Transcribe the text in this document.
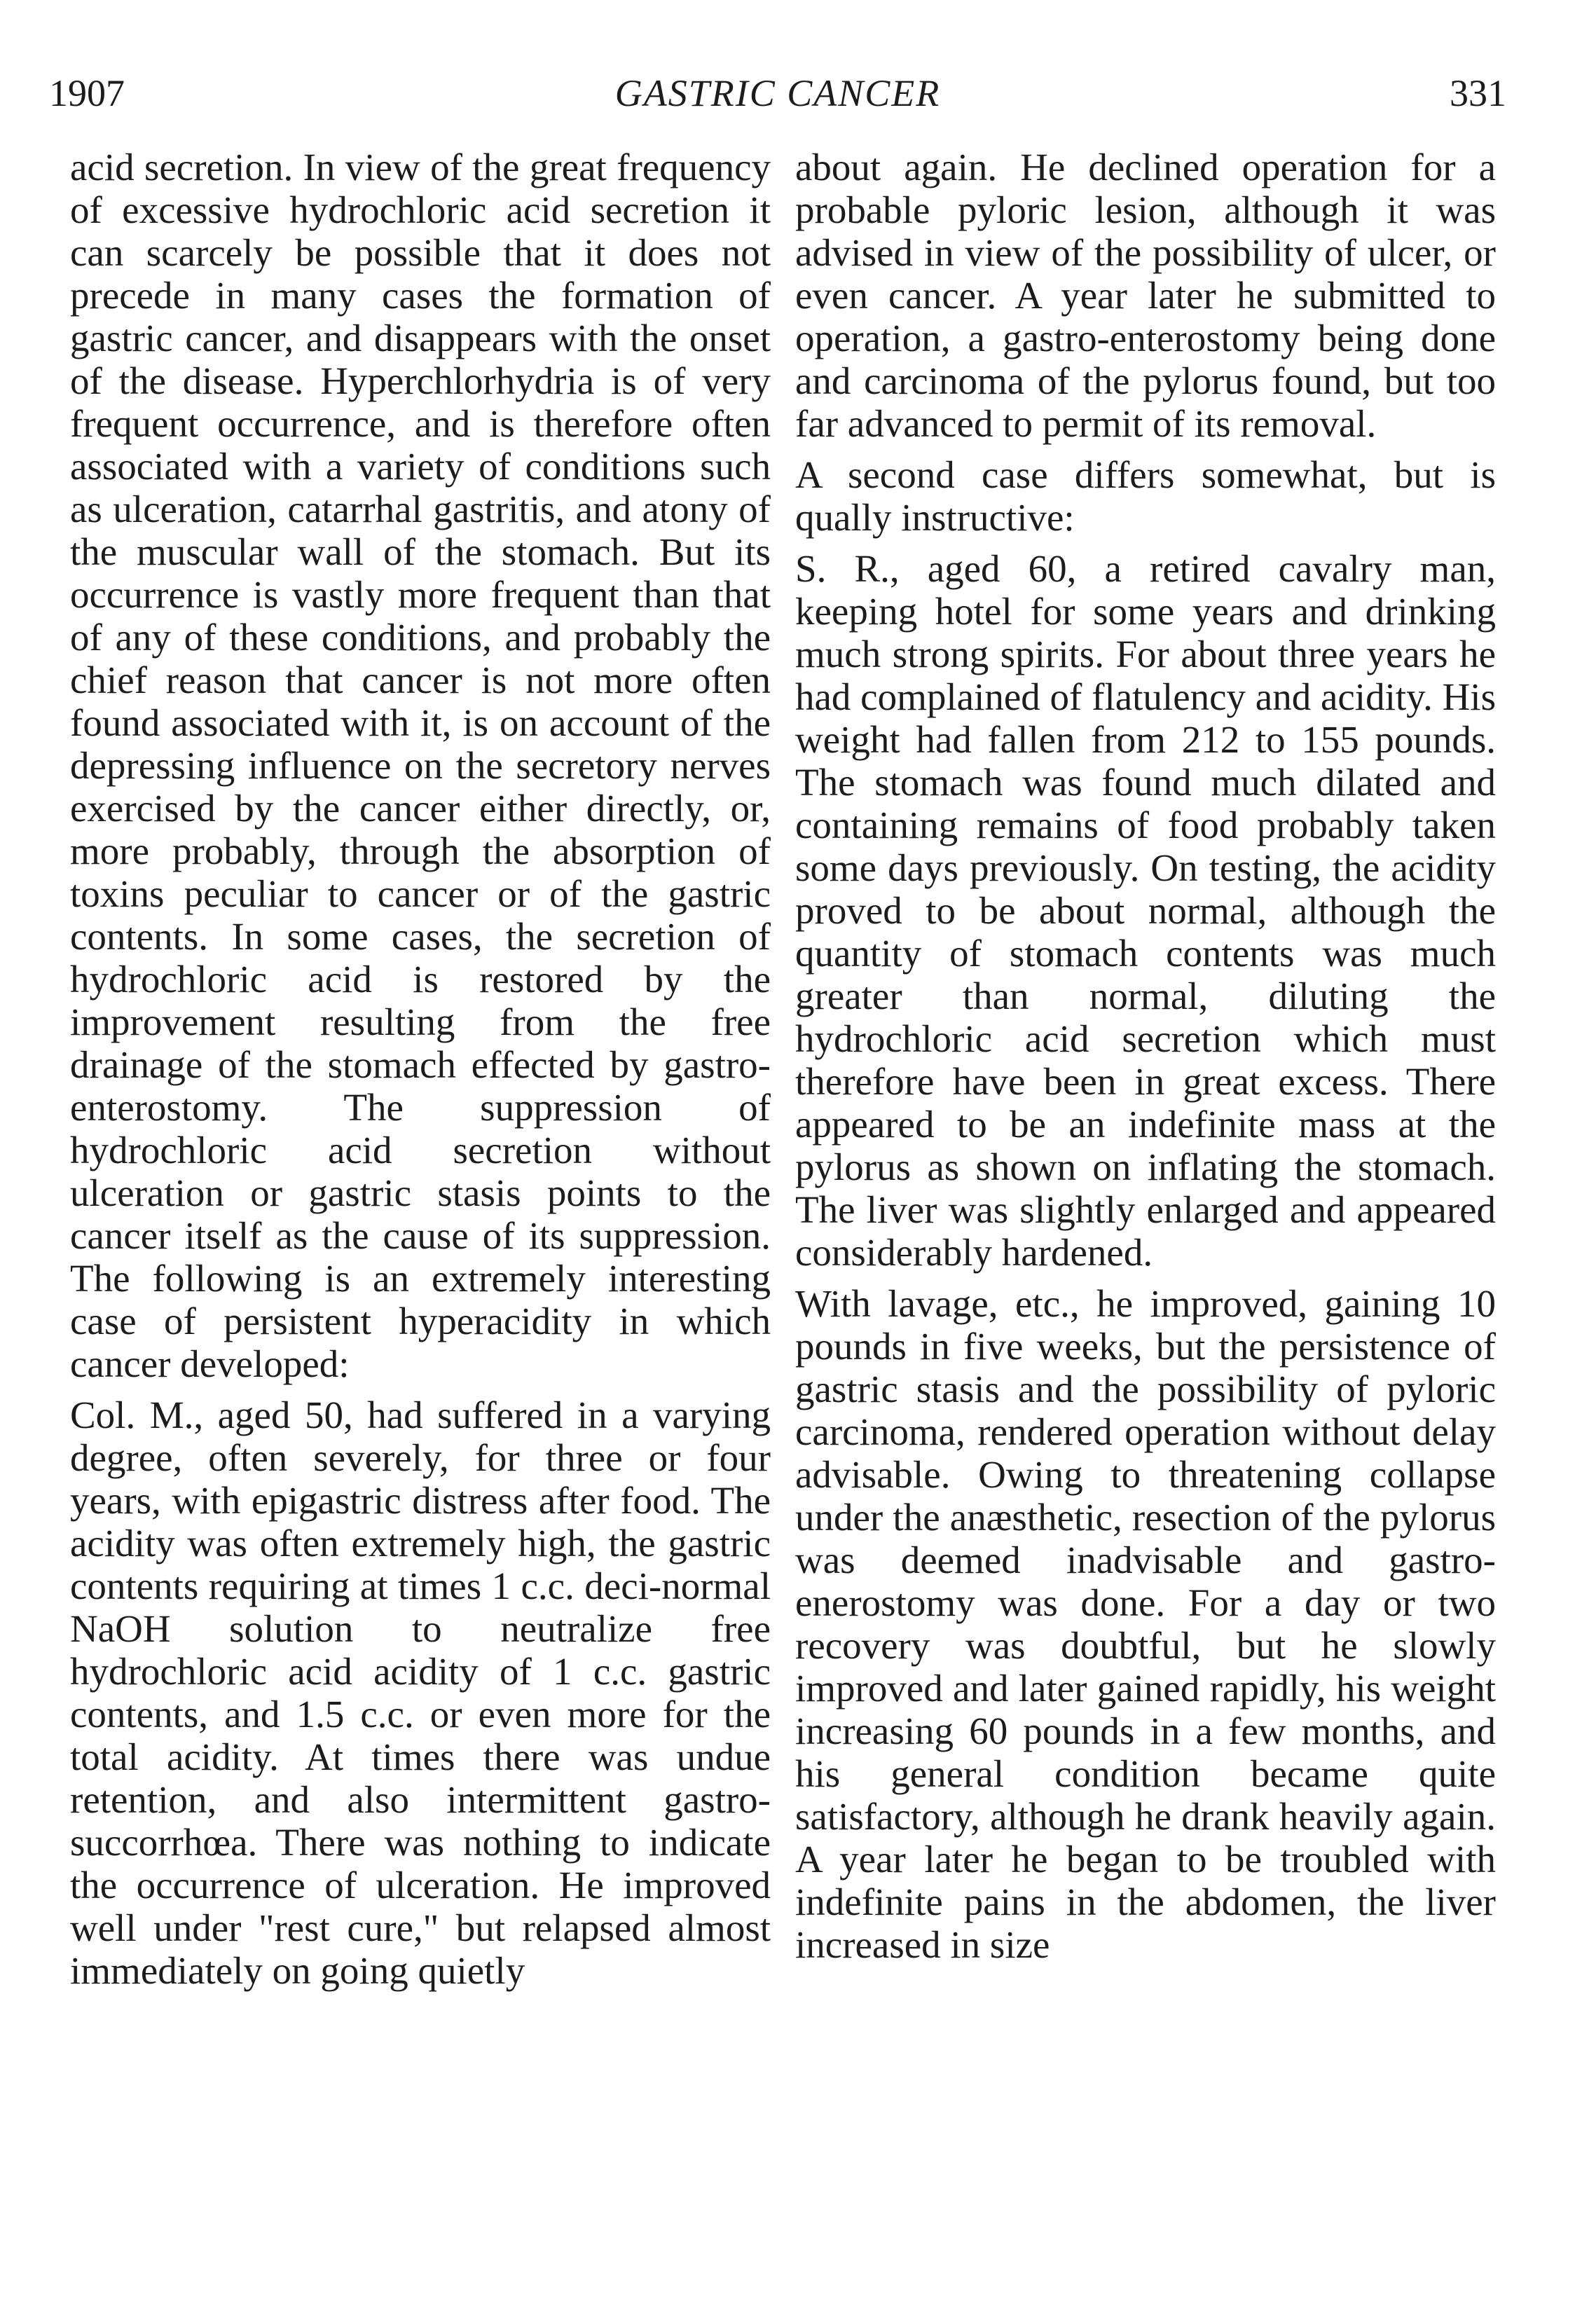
1907	GASTRIC CANCER	331

acid secretion. In view of the great frequency of excessive hydrochloric acid secretion it can scarcely be possible that it does not precede in many cases the formation of gastric cancer, and disappears with the onset of the disease. Hyperchlorhydria is of very frequent occurrence, and is therefore often associated with a variety of conditions such as ulceration, catarrhal gastritis, and atony of the muscular wall of the stomach. But its occurrence is vastly more frequent than that of any of these conditions, and probably the chief reason that cancer is not more often found associated with it, is on account of the depressing influence on the secretory nerves exercised by the cancer either directly, or, more probably, through the absorption of toxins peculiar to cancer or of the gastric contents. In some cases, the secretion of hydrochloric acid is restored by the improvement resulting from the free drainage of the stomach effected by gastro-enterostomy. The suppression of hydrochloric acid secretion without ulceration or gastric stasis points to the cancer itself as the cause of its suppression. The following is an extremely interesting case of persistent hyperacidity in which cancer developed:

Col. M., aged 50, had suffered in a varying degree, often severely, for three or four years, with epigastric distress after food. The acidity was often extremely high, the gastric contents requiring at times 1 c.c. deci-normal NaOH solution to neutralize free hydrochloric acid acidity of 1 c.c. gastric contents, and 1.5 c.c. or even more for the total acidity. At times there was undue retention, and also intermittent gastro-succorrhœa. There was nothing to indicate the occurrence of ulceration. He improved well under "rest cure," but relapsed almost immediately on going quietly

about again. He declined operation for a probable pyloric lesion, although it was advised in view of the possibility of ulcer, or even cancer. A year later he submitted to operation, a gastro-enterostomy being done and carcinoma of the pylorus found, but too far advanced to permit of its removal.

A second case differs somewhat, but is qually instructive:

S. R., aged 60, a retired cavalry man, keeping hotel for some years and drinking much strong spirits. For about three years he had complained of flatulency and acidity. His weight had fallen from 212 to 155 pounds. The stomach was found much dilated and containing remains of food probably taken some days previously. On testing, the acidity proved to be about normal, although the quantity of stomach contents was much greater than normal, diluting the hydrochloric acid secretion which must therefore have been in great excess. There appeared to be an indefinite mass at the pylorus as shown on inflating the stomach. The liver was slightly enlarged and appeared considerably hardened.

With lavage, etc., he improved, gaining 10 pounds in five weeks, but the persistence of gastric stasis and the possibility of pyloric carcinoma, rendered operation without delay advisable. Owing to threatening collapse under the anæsthetic, resection of the pylorus was deemed inadvisable and gastro-enerostomy was done. For a day or two recovery was doubtful, but he slowly improved and later gained rapidly, his weight increasing 60 pounds in a few months, and his general condition became quite satisfactory, although he drank heavily again. A year later he began to be troubled with indefinite pains in the abdomen, the liver increased in size
